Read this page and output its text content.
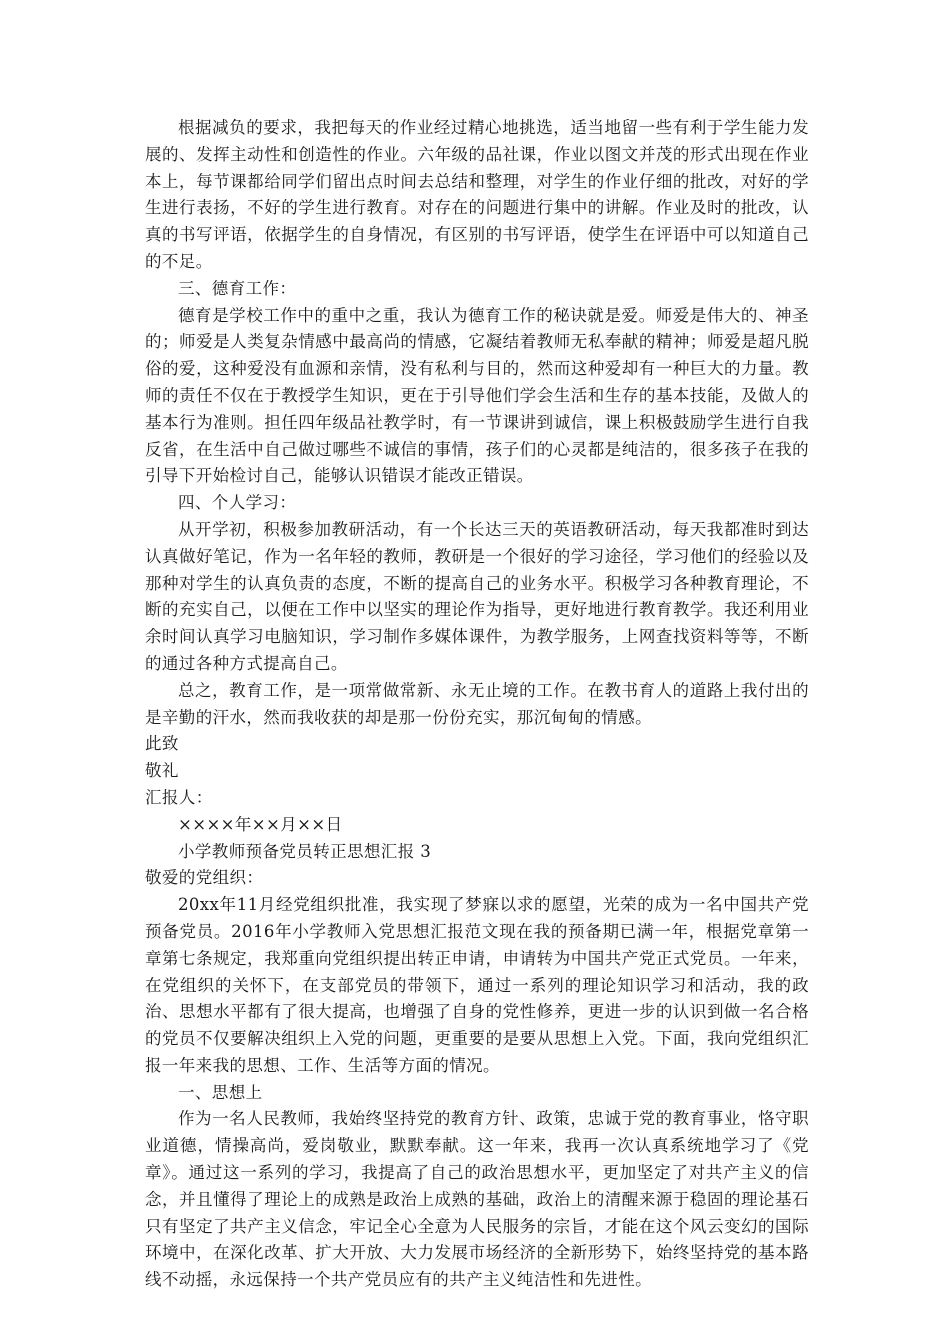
根据减负的要求，我把每天的作业经过精心地挑选，适当地留一些有利于学生能力发展的、发挥主动性和创造性的作业。六年级的品社课，作业以图文并茂的形式出现在作业本上，每节课都给同学们留出点时间去总结和整理，对学生的作业仔细的批改，对好的学生进行表扬，不好的学生进行教育。对存在的问题进行集中的讲解。作业及时的批改，认真的书写评语，依据学生的自身情况，有区别的书写评语，使学生在评语中可以知道自己的不足。

三、德育工作：

德育是学校工作中的重中之重，我认为德育工作的秘诀就是爱。师爱是伟大的、神圣的；师爱是人类复杂情感中最高尚的情感，它凝结着教师无私奉献的精神；师爱是超凡脱俗的爱，这种爱没有血源和亲情，没有私利与目的，然而这种爱却有一种巨大的力量。教师的责任不仅在于教授学生知识，更在于引导他们学会生活和生存的基本技能，及做人的基本行为准则。担任四年级品社教学时，有一节课讲到诚信，课上积极鼓励学生进行自我反省，在生活中自己做过哪些不诚信的事情，孩子们的心灵都是纯洁的，很多孩子在我的引导下开始检讨自己，能够认识错误才能改正错误。

四、个人学习：

从开学初，积极参加教研活动，有一个长达三天的英语教研活动，每天我都准时到达认真做好笔记，作为一名年轻的教师，教研是一个很好的学习途径，学习他们的经验以及那种对学生的认真负责的态度，不断的提高自己的业务水平。积极学习各种教育理论，不断的充实自己，以便在工作中以坚实的理论作为指导，更好地进行教育教学。我还利用业余时间认真学习电脑知识，学习制作多媒体课件，为教学服务，上网查找资料等等，不断的通过各种方式提高自己。

总之，教育工作，是一项常做常新、永无止境的工作。在教书育人的道路上我付出的是辛勤的汗水，然而我收获的却是那一份份充实，那沉甸甸的情感。

此致

敬礼

汇报人：

××××年××月××日

小学教师预备党员转正思想汇报 3

敬爱的党组织：

20xx年11月经党组织批准，我实现了梦寐以求的愿望，光荣的成为一名中国共产党预备党员。2016年小学教师入党思想汇报范文现在我的预备期已满一年，根据党章第一章第七条规定，我郑重向党组织提出转正申请，申请转为中国共产党正式党员。一年来，在党组织的关怀下，在支部党员的带领下，通过一系列的理论知识学习和活动，我的政治、思想水平都有了很大提高，也增强了自身的党性修养，更进一步的认识到做一名合格的党员不仅要解决组织上入党的问题，更重要的是要从思想上入党。下面，我向党组织汇报一年来我的思想、工作、生活等方面的情况。

一、思想上

作为一名人民教师，我始终坚持党的教育方针、政策，忠诚于党的教育事业，恪守职业道德，情操高尚，爱岗敬业，默默奉献。这一年来，我再一次认真系统地学习了《党章》。通过这一系列的学习，我提高了自己的政治思想水平，更加坚定了对共产主义的信念，并且懂得了理论上的成熟是政治上成熟的基础，政治上的清醒来源于稳固的理论基石只有坚定了共产主义信念，牢记全心全意为人民服务的宗旨，才能在这个风云变幻的国际环境中，在深化改革、扩大开放、大力发展市场经济的全新形势下，始终坚持党的基本路线不动摇，永远保持一个共产党员应有的共产主义纯洁性和先进性。
